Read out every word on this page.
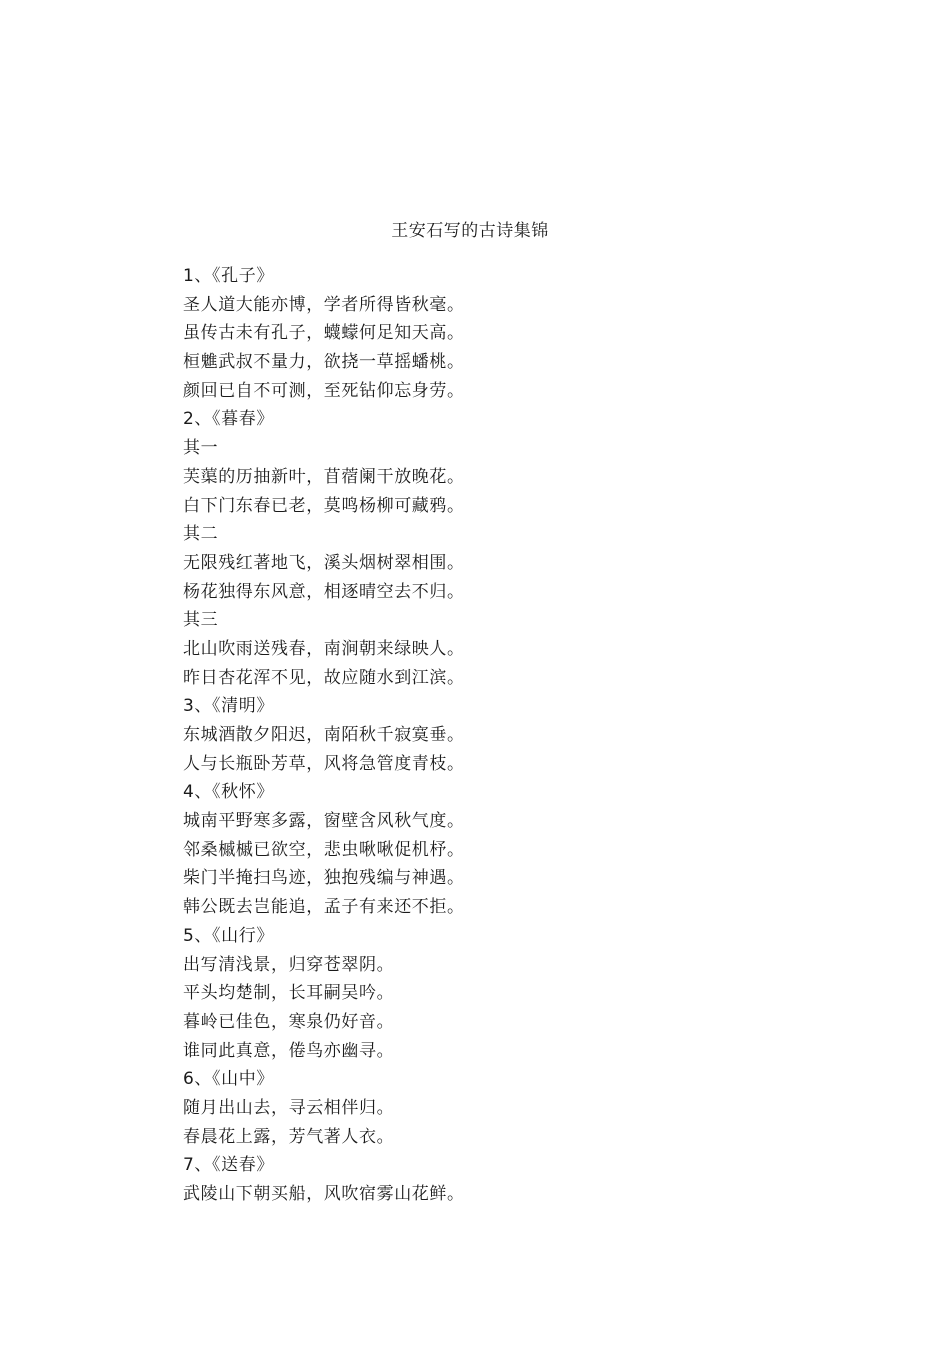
王安石写的古诗集锦
1、《孔子》
圣人道大能亦博，学者所得皆秋毫。
虽传古未有孔子，蠛蠓何足知天高。
桓魋武叔不量力，欲挠一草摇蟠桃。
颜回已自不可测，至死钻仰忘身劳。
2、《暮春》
其一
芙蕖的历抽新叶，苜蓿阑干放晚花。
白下门东春已老，莫鸣杨柳可藏鸦。
其二
无限残红著地飞，溪头烟树翠相围。
杨花独得东风意，相逐晴空去不归。
其三
北山吹雨送残春，南涧朝来绿映人。
昨日杏花浑不见，故应随水到江滨。
3、《清明》
东城酒散夕阳迟，南陌秋千寂寞垂。
人与长瓶卧芳草，风将急管度青枝。
4、《秋怀》
城南平野寒多露，窗壁含风秋气度。
邻桑槭槭已欲空，悲虫啾啾促机杼。
柴门半掩扫鸟迹，独抱残编与神遇。
韩公既去岂能追，孟子有来还不拒。
5、《山行》
出写清浅景，归穿苍翠阴。
平头均楚制，长耳嗣吴吟。
暮岭已佳色，寒泉仍好音。
谁同此真意，倦鸟亦幽寻。
6、《山中》
随月出山去，寻云相伴归。
春晨花上露，芳气著人衣。
7、《送春》
武陵山下朝买船，风吹宿雾山花鲜。
